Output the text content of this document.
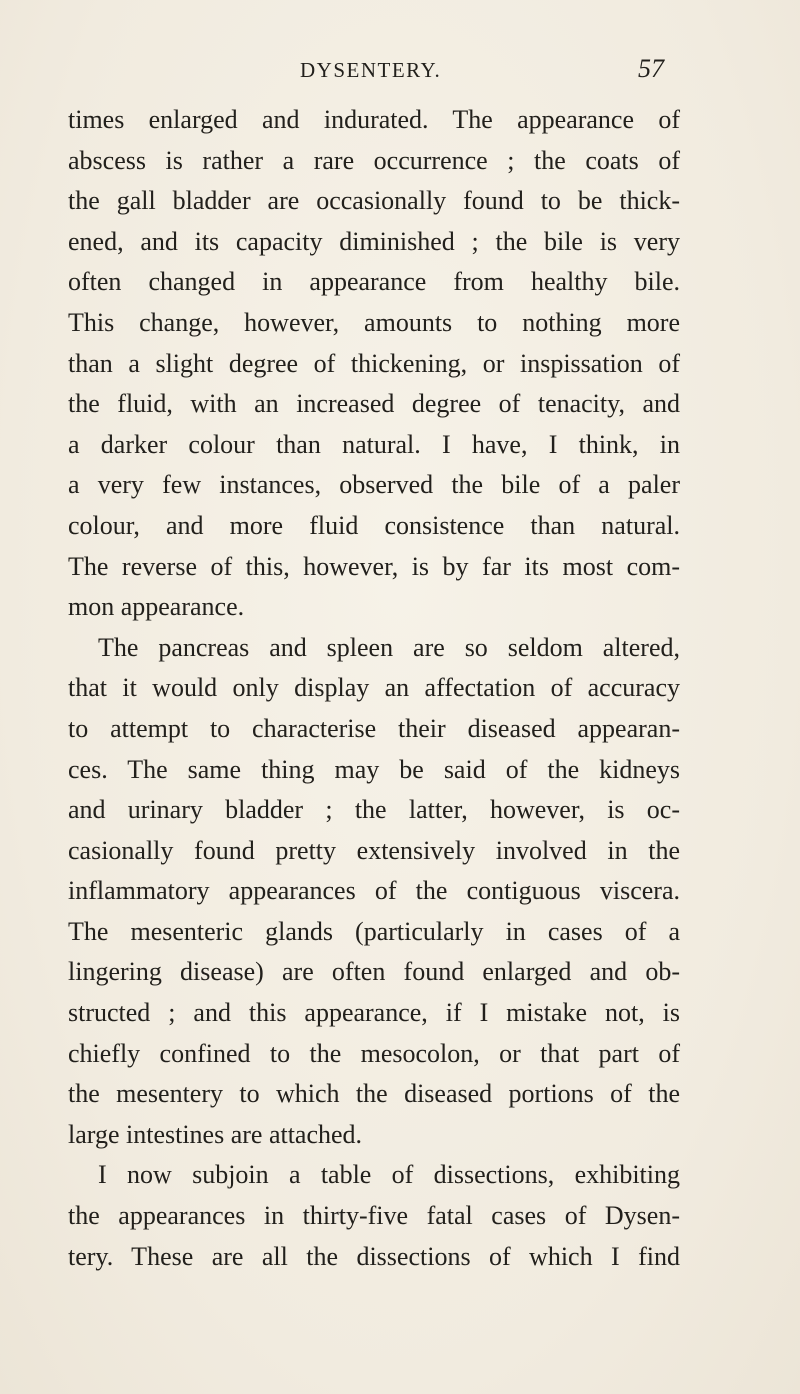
DYSENTERY.	57
times enlarged and indurated. The appearance of
abscess is rather a rare occurrence ; the coats of
the gall bladder are occasionally found to be thick-
ened, and its capacity diminished ; the bile is very
often changed in appearance from healthy bile.
This change, however, amounts to nothing more
than a slight degree of thickening, or inspissation of
the fluid, with an increased degree of tenacity, and
a darker colour than natural. I have, I think, in
a very few instances, observed the bile of a paler
colour, and more fluid consistence than natural.
The reverse of this, however, is by far its most com-
mon appearance.
The pancreas and spleen are so seldom altered,
that it would only display an affectation of accuracy
to attempt to characterise their diseased appearan-
ces. The same thing may be said of the kidneys
and urinary bladder ; the latter, however, is oc-
casionally found pretty extensively involved in the
inflammatory appearances of the contiguous viscera.
The mesenteric glands (particularly in cases of a
lingering disease) are often found enlarged and ob-
structed ; and this appearance, if I mistake not, is
chiefly confined to the mesocolon, or that part of
the mesentery to which the diseased portions of the
large intestines are attached.
I now subjoin a table of dissections, exhibiting
the appearances in thirty-five fatal cases of Dysen-
tery. These are all the dissections of which I find
